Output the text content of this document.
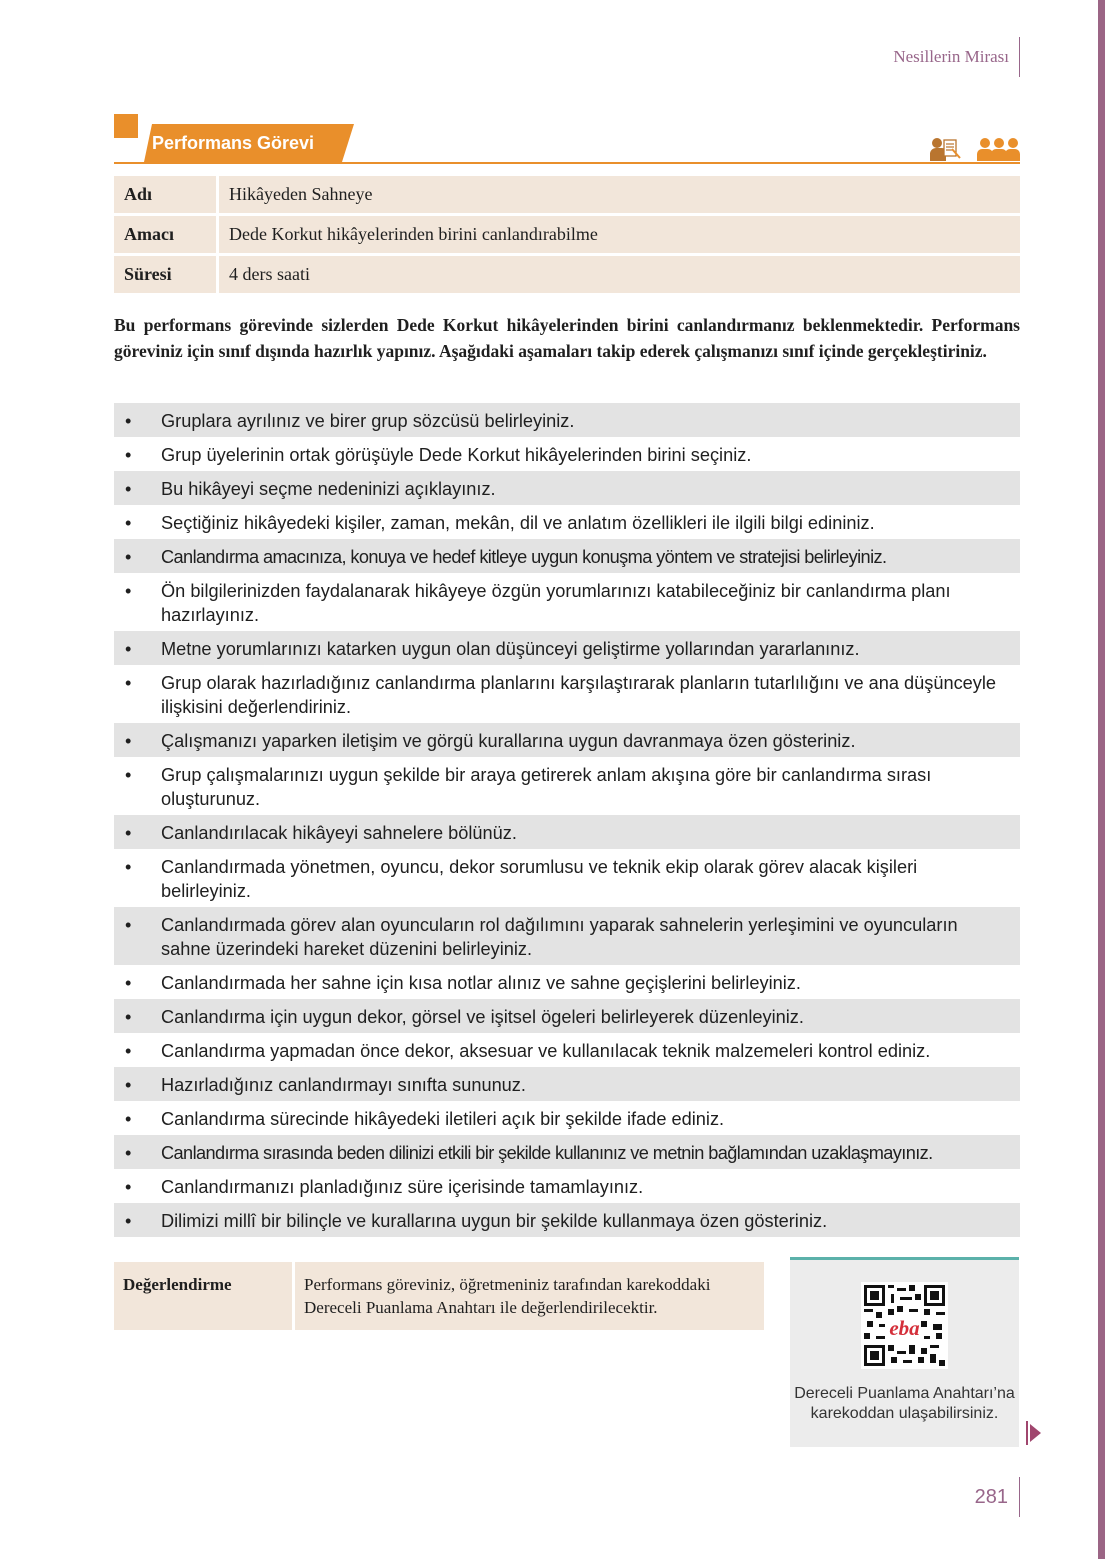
Nesillerin Mirası
Performans Görevi
Adı	Hikâyeden Sahneye
Amacı	Dede Korkut hikâyelerinden birini canlandırabilme
Süresi	4 ders saati
Bu performans görevinde sizlerden Dede Korkut hikâyelerinden birini canlandırmanız beklenmektedir. Performans göreviniz için sınıf dışında hazırlık yapınız. Aşağıdaki aşamaları takip ederek çalışmanızı sınıf içinde gerçekleştiriniz.
• Gruplara ayrılınız ve birer grup sözcüsü belirleyiniz.
• Grup üyelerinin ortak görüşüyle Dede Korkut hikâyelerinden birini seçiniz.
• Bu hikâyeyi seçme nedeninizi açıklayınız.
• Seçtiğiniz hikâyedeki kişiler, zaman, mekân, dil ve anlatım özellikleri ile ilgili bilgi edininiz.
• Canlandırma amacınıza, konuya ve hedef kitleye uygun konuşma yöntem ve stratejisi belirleyiniz.
• Ön bilgilerinizden faydalanarak hikâyeye özgün yorumlarınızı katabileceğiniz bir canlandırma planı hazırlayınız.
• Metne yorumlarınızı katarken uygun olan düşünceyi geliştirme yollarından yararlanınız.
• Grup olarak hazırladığınız canlandırma planlarını karşılaştırarak planların tutarlılığını ve ana düşünceyle ilişkisini değerlendiriniz.
• Çalışmanızı yaparken iletişim ve görgü kurallarına uygun davranmaya özen gösteriniz.
• Grup çalışmalarınızı uygun şekilde bir araya getirerek anlam akışına göre bir canlandırma sırası oluşturunuz.
• Canlandırılacak hikâyeyi sahnelere bölünüz.
• Canlandırmada yönetmen, oyuncu, dekor sorumlusu ve teknik ekip olarak görev alacak kişileri belirleyiniz.
• Canlandırmada görev alan oyuncuların rol dağılımını yaparak sahnelerin yerleşimini ve oyuncuların sahne üzerindeki hareket düzenini belirleyiniz.
• Canlandırmada her sahne için kısa notlar alınız ve sahne geçişlerini belirleyiniz.
• Canlandırma için uygun dekor, görsel ve işitsel ögeleri belirleyerek düzenleyiniz.
• Canlandırma yapmadan önce dekor, aksesuar ve kullanılacak teknik malzemeleri kontrol ediniz.
• Hazırladığınız canlandırmayı sınıfta sununuz.
• Canlandırma sürecinde hikâyedeki iletileri açık bir şekilde ifade ediniz.
• Canlandırma sırasında beden dilinizi etkili bir şekilde kullanınız ve metnin bağlamından uzaklaşmayınız.
• Canlandırmanızı planladığınız süre içerisinde tamamlayınız.
• Dilimizi millî bir bilinçle ve kurallarına uygun bir şekilde kullanmaya özen gösteriniz.
Değerlendirme	Performans göreviniz, öğretmeniniz tarafından karekoddaki Dereceli Puanlama Anahtarı ile değerlendirilecektir.
eba
Dereceli Puanlama Anahtarı’na karekoddan ulaşabilirsiniz.
281
